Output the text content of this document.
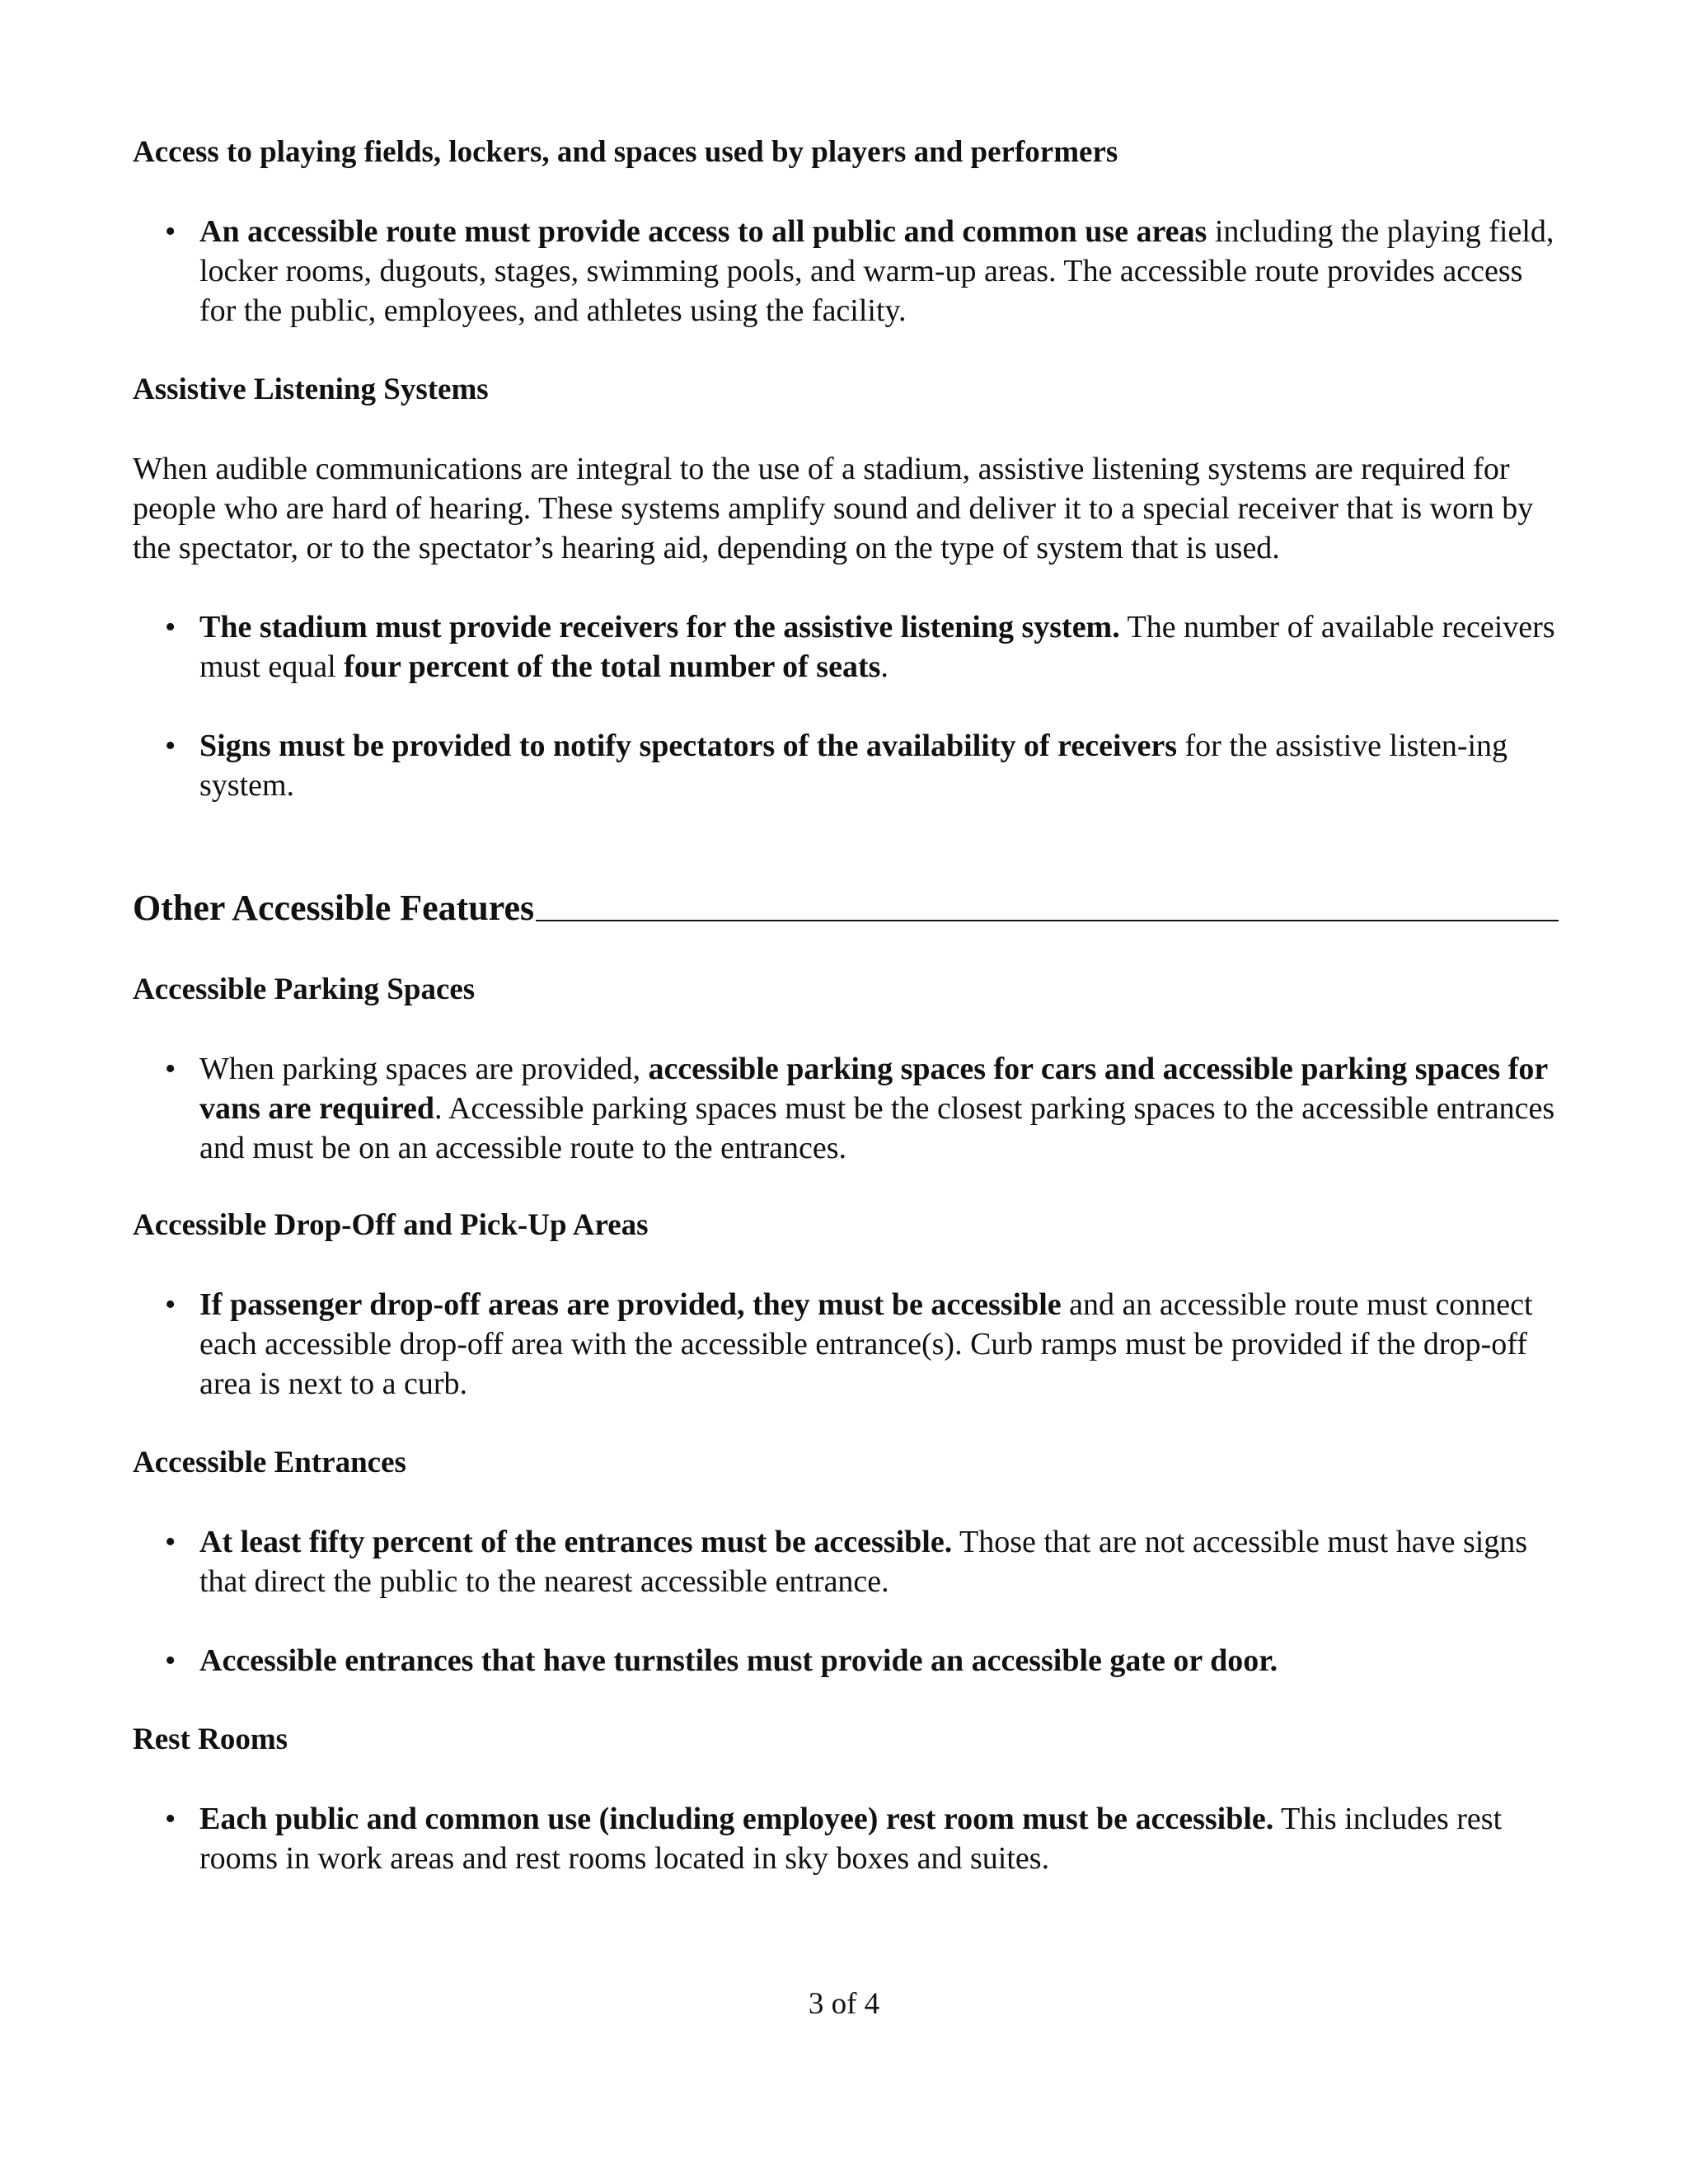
Access to playing fields, lockers, and spaces used by players and performers
• An accessible route must provide access to all public and common use areas including the playing field, locker rooms, dugouts, stages, swimming pools, and warm-up areas. The accessible route provides access for the public, employees, and athletes using the facility.

Assistive Listening Systems

When audible communications are integral to the use of a stadium, assistive listening systems are required for people who are hard of hearing. These systems amplify sound and deliver it to a special receiver that is worn by the spectator, or to the spectator’s hearing aid, depending on the type of system that is used.

• The stadium must provide receivers for the assistive listening system. The number of available receivers must equal four percent of the total number of seats.

• Signs must be provided to notify spectators of the availability of receivers for the assistive listen-ing system.

Other Accessible Features
Accessible Parking Spaces
• When parking spaces are provided, accessible parking spaces for cars and accessible parking spaces for vans are required. Accessible parking spaces must be the closest parking spaces to the accessible entrances and must be on an accessible route to the entrances.

Accessible Drop-Off and Pick-Up Areas
• If passenger drop-off areas are provided, they must be accessible and an accessible route must connect each accessible drop-off area with the accessible entrance(s). Curb ramps must be provided if the drop-off area is next to a curb.

Accessible Entrances
• At least fifty percent of the entrances must be accessible. Those that are not accessible must have signs that direct the public to the nearest accessible entrance.

• Accessible entrances that have turnstiles must provide an accessible gate or door.

Rest Rooms
• Each public and common use (including employee) rest room must be accessible. This includes rest rooms in work areas and rest rooms located in sky boxes and suites.

3 of 4
